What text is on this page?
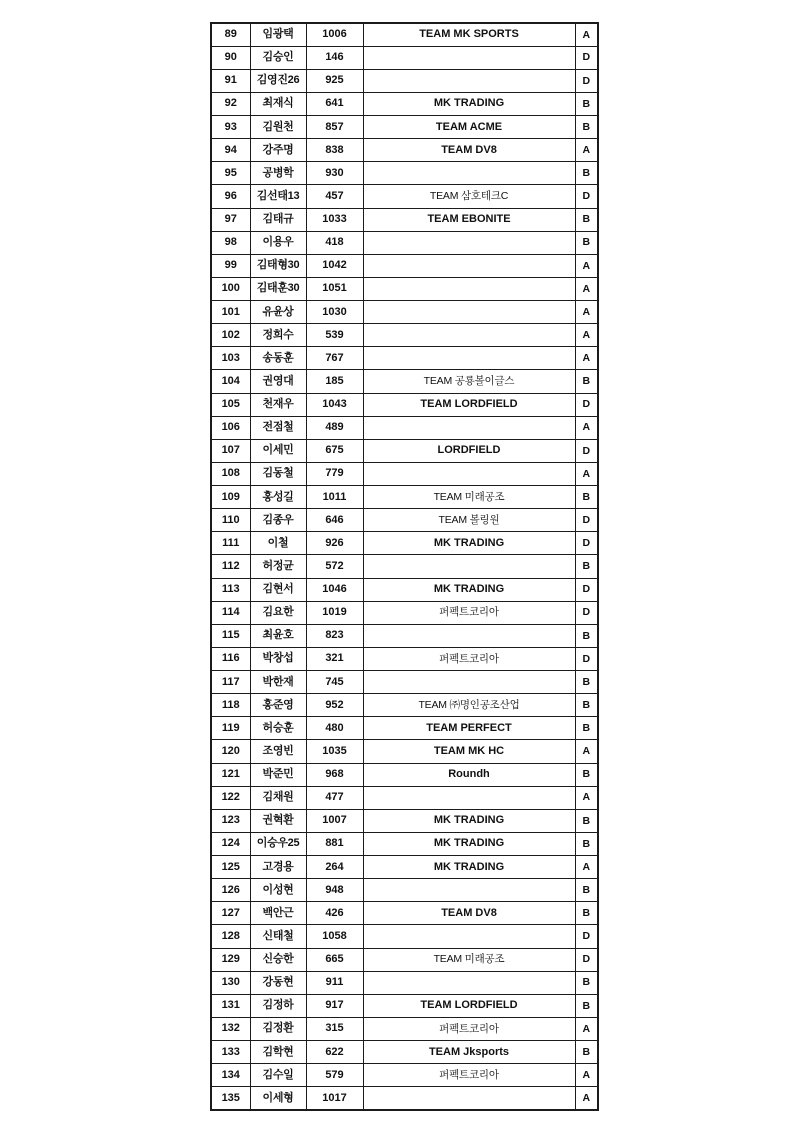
89	임광택	1006	TEAM MK SPORTS	A
90	김승인	146		D
91	김영진26	925		D
92	최재식	641	MK TRADING	B
93	김원천	857	TEAM ACME	B
94	강주명	838	TEAM DV8	A
95	공병학	930		B
96	김선태13	457	TEAM 삼호테크C	D
97	김태규	1033	TEAM EBONITE	B
98	이용우	418		B
99	김태형30	1042		A
100	김태훈30	1051		A
101	유윤상	1030		A
102	정희수	539		A
103	송동훈	767		A
104	권영대	185	TEAM 공룡볼이글스	B
105	천재우	1043	TEAM LORDFIELD	D
106	전점철	489		A
107	이세민	675	LORDFIELD	D
108	김동철	779		A
109	홍성길	1011	TEAM 미래공조	B
110	김종우	646	TEAM 볼링원	D
111	이철	926	MK TRADING	D
112	허정균	572		B
113	김현서	1046	MK TRADING	D
114	김요한	1019	퍼펙트코리아	D
115	최윤호	823		B
116	박창섭	321	퍼펙트코리아	D
117	박한재	745		B
118	홍준영	952	TEAM ㈜명인공조산업	B
119	허승훈	480	TEAM PERFECT	B
120	조영빈	1035	TEAM MK HC	A
121	박준민	968	Roundh	B
122	김채원	477		A
123	권혁환	1007	MK TRADING	B
124	이승우25	881	MK TRADING	B
125	고경용	264	MK TRADING	A
126	이성현	948		B
127	백안근	426	TEAM DV8	B
128	신태철	1058		D
129	신승한	665	TEAM 미래공조	D
130	강동현	911		B
131	김정하	917	TEAM LORDFIELD	B
132	김정환	315	퍼펙트코리아	A
133	김학현	622	TEAM Jksports	B
134	김수일	579	퍼펙트코리아	A
135	이세형	1017		A
